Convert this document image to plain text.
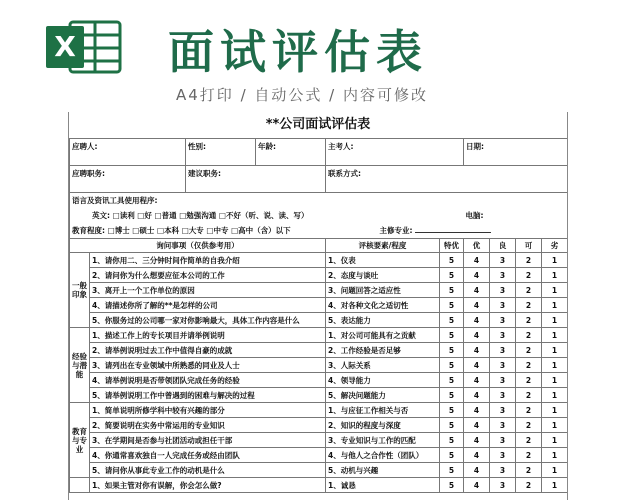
X 面试评估表
A4打印 / 自动公式 / 内容可修改
**公司面试评估表
应聘人:		性别:	年龄:	主考人:			日期:			
应聘职务:		建议职务:		联系方式:						
语言及资讯工具使用程序:										
英文: □读利 □好 □普通 □勉强沟通 □不好（听、说、读、写）							电脑:			
教育程度: □博士 □硕士 □本科 □大专 □中专 □高中（含）以下					主修专业:					
询问事项（仅供参考用）				评核要素/程度		特优	优	良	可	劣
一般印象	1、请你用二、三分钟时间作简单的自我介绍			1、仪表		5	4	3	2	1
	2、请问你为什么想要应征本公司的工作			2、态度与谈吐		5	4	3	2	1
	3、离开上一个工作单位的原因			3、问题回答之适应性		5	4	3	2	1
	4、请描述你所了解的**是怎样的公司			4、对各种文化之适切性		5	4	3	2	1
	5、你服务过的公司哪一家对你影响最大，具体工作内容是什么			5、表达能力		5	4	3	2	1
经验与潜能	1、描述工作上的专长项目并请举例说明			1、对公司可能具有之贡献		5	4	3	2	1
	2、请举例说明过去工作中值得自豪的成就			2、工作经验是否足够		5	4	3	2	1
	3、请列出在专业领域中所熟悉的同业及人士			3、人际关系		5	4	3	2	1
	4、请举例说明是否带领团队完成任务的经验			4、领导能力		5	4	3	2	1
	5、请举例说明工作中曾遇到的困难与解决的过程			5、解决问题能力		5	4	3	2	1
教育与专业	1、简单说明所修学科中较有兴趣的部分			1、与应征工作相关与否		5	4	3	2	1
	2、简要说明在实务中常运用的专业知识			2、知识的程度与深度		5	4	3	2	1
	3、在学期间是否参与社团活动或担任干部			3、专业知识与工作的匹配		5	4	3	2	1
	4、你通常喜欢独自一人完成任务或经由团队			4、与他人之合作性（团队）		5	4	3	2	1
	5、请问你从事此专业工作的动机是什么			5、动机与兴趣		5	4	3	2	1
	1、如果主管对你有误解，你会怎么做?			1、诚恳		5	4	3	2	1
